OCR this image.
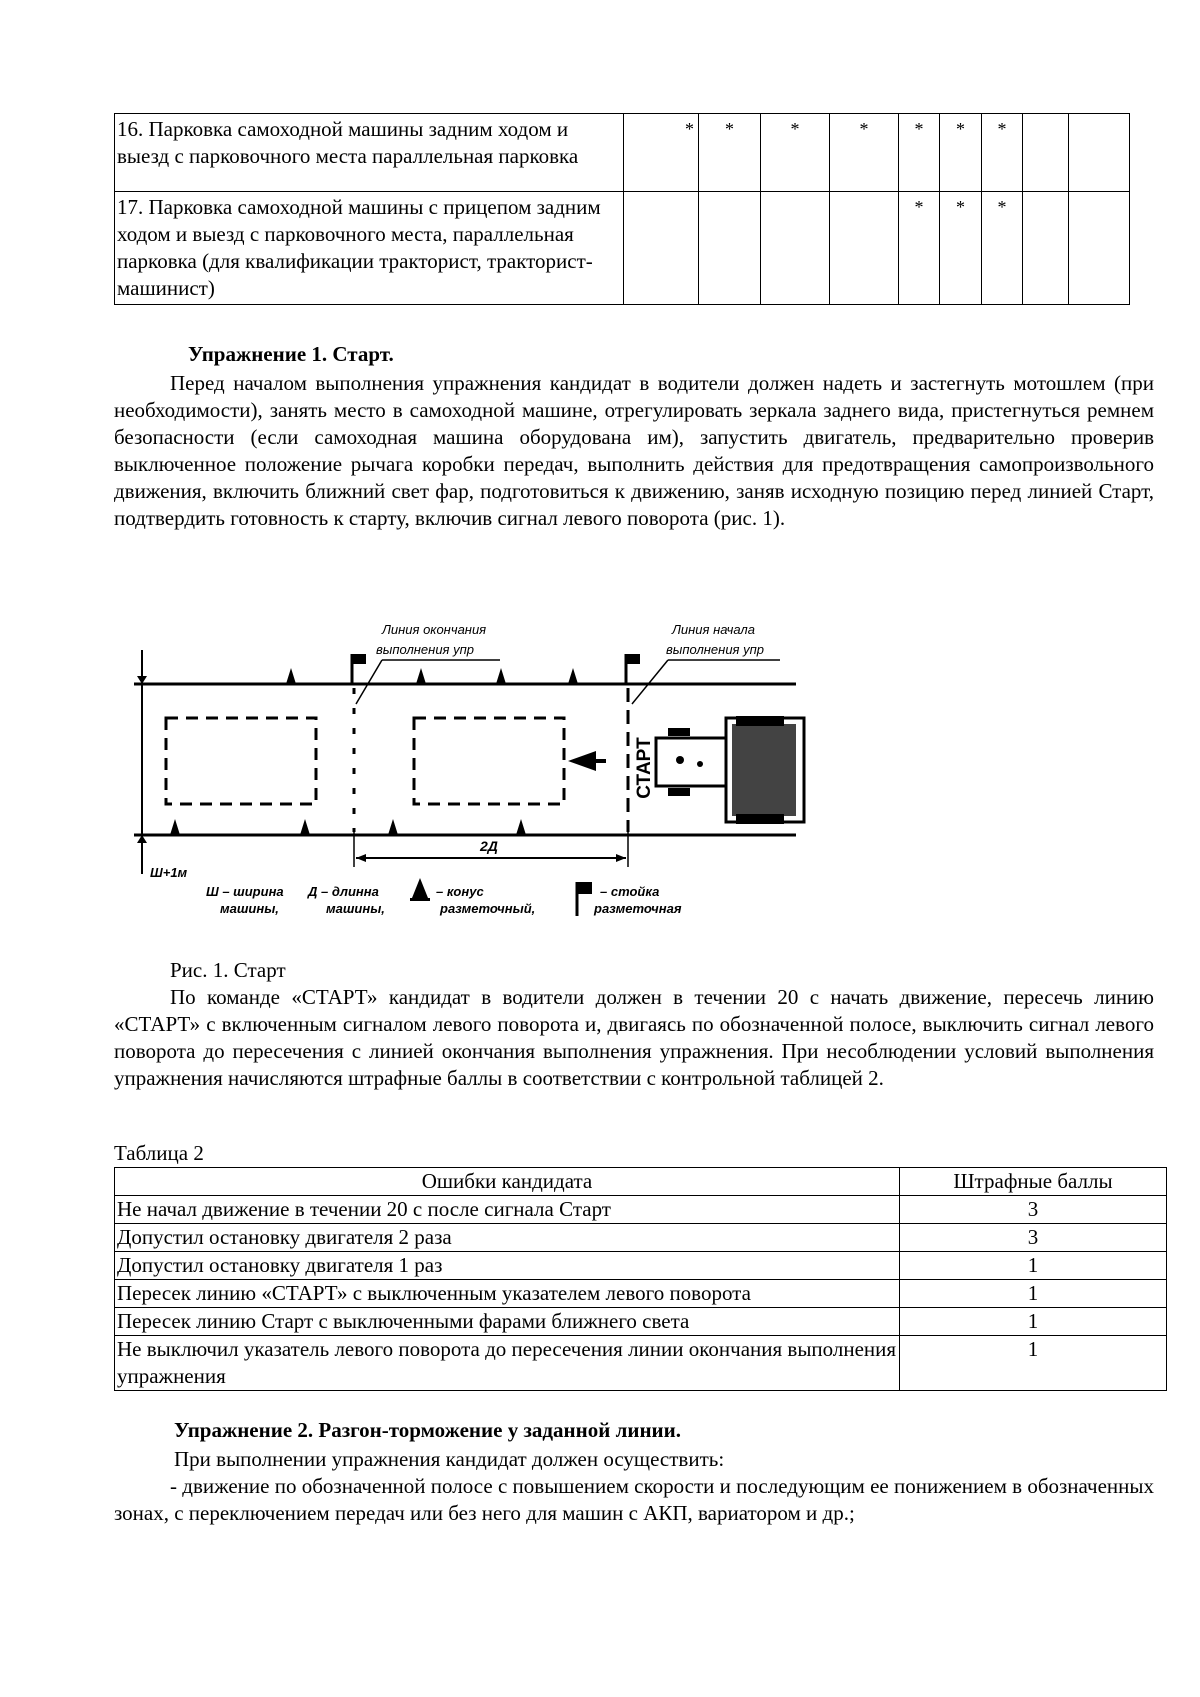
16. Парковка самоходной машины задним ходом и выезд с парковочного места параллельная парковка	*	*	*	*	*	*	*		
17. Парковка самоходной машины с прицепом задним ходом и выезд с парковочного места, параллельная парковка (для квалификации тракторист, тракторист- машинист)					*	*	*		
Упражнение 1. Старт.
Перед началом выполнения упражнения кандидат в водители должен надеть и застегнуть мотошлем (при необходимости), занять место в самоходной машине, отрегулировать зеркала заднего вида, пристегнуться ремнем безопасности (если самоходная машина оборудована им), запустить двигатель, предварительно проверив выключенное положение рычага коробки передач, выполнить действия для предотвращения самопроизвольного движения, включить ближний свет фар, подготовиться к движению, заняв исходную позицию перед линией Старт, подтвердить готовность к старту, включив сигнал левого поворота (рис. 1).
Ш+1м
Линия окончания выполнения упр
Линия начала выполнения упр
СТАРТ
2Д
Ш – ширина
машины,
Д – длинна
машины,
– конус
разметочный,
– стойка
разметочная
Рис. 1. Старт
По команде «СТАРТ» кандидат в водители должен в течении 20 с начать движение, пересечь линию «СТАРТ» с включенным сигналом левого поворота и, двигаясь по обозначенной полосе, выключить сигнал левого поворота до пересечения с линией окончания выполнения упражнения. При несоблюдении условий выполнения упражнения начисляются штрафные баллы в соответствии с контрольной таблицей 2.
Таблица 2
Ошибки кандидата	Штрафные баллы
Не начал движение в течении 20 с после сигнала Старт	3
Допустил остановку двигателя 2 раза	3
Допустил остановку двигателя 1 раз	1
Пересек линию «СТАРТ» с выключенным указателем левого поворота	1
Пересек линию Старт с выключенными фарами ближнего света	1
Не выключил указатель левого поворота до пересечения линии окончания выполнения упражнения	1
Упражнение 2. Разгон-торможение у заданной линии.
При выполнении упражнения кандидат должен осуществить:
- движение по обозначенной полосе с повышением скорости и последующим ее понижением в обозначенных зонах, с переключением передач или без него для машин с АКП, вариатором и др.;
